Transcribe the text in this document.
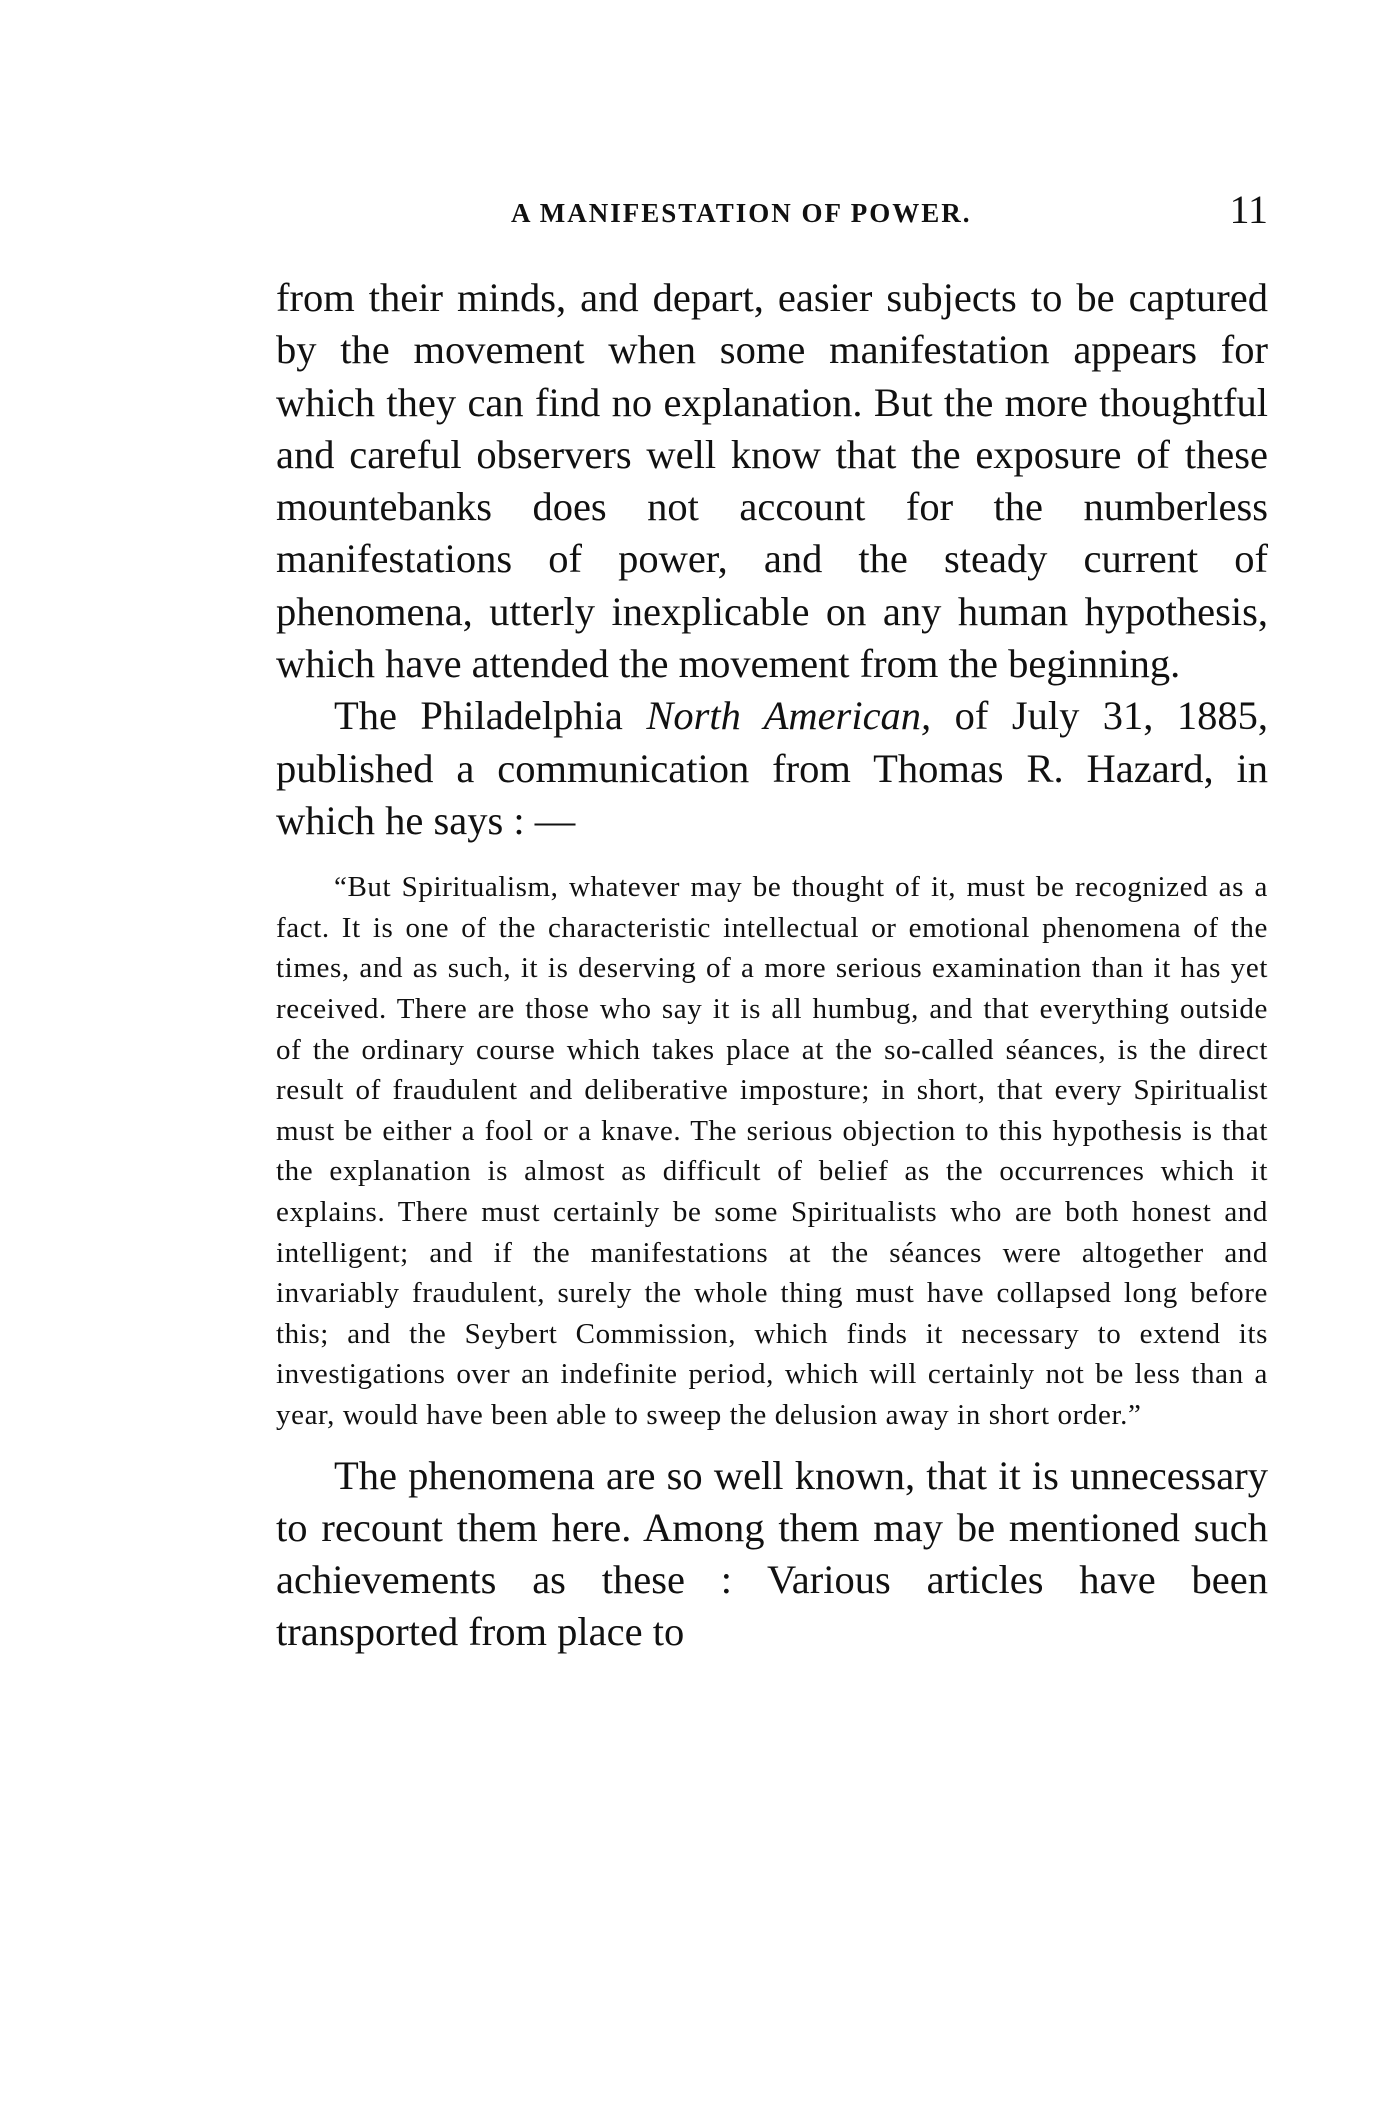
A MANIFESTATION OF POWER.	11

from their minds, and depart, easier subjects to be captured by the movement when some manifestation appears for which they can find no explanation. But the more thoughtful and careful observers well know that the exposure of these mountebanks does not account for the numberless manifestations of power, and the steady current of phenomena, utterly inexplicable on any human hypothesis, which have attended the movement from the beginning.

The Philadelphia North American, of July 31, 1885, published a communication from Thomas R. Hazard, in which he says : —

“But Spiritualism, whatever may be thought of it, must be recognized as a fact. It is one of the characteristic intellectual or emotional phenomena of the times, and as such, it is deserving of a more serious examination than it has yet received. There are those who say it is all humbug, and that everything outside of the ordinary course which takes place at the so-called séances, is the direct result of fraudulent and deliberative imposture; in short, that every Spiritualist must be either a fool or a knave. The serious objection to this hypothesis is that the explanation is almost as difficult of belief as the occurrences which it explains. There must certainly be some Spiritualists who are both honest and intelligent; and if the manifestations at the séances were altogether and invariably fraudulent, surely the whole thing must have collapsed long before this; and the Seybert Commission, which finds it necessary to extend its investigations over an indefinite period, which will certainly not be less than a year, would have been able to sweep the delusion away in short order.”

The phenomena are so well known, that it is unnecessary to recount them here. Among them may be mentioned such achievements as these : Various articles have been transported from place to
